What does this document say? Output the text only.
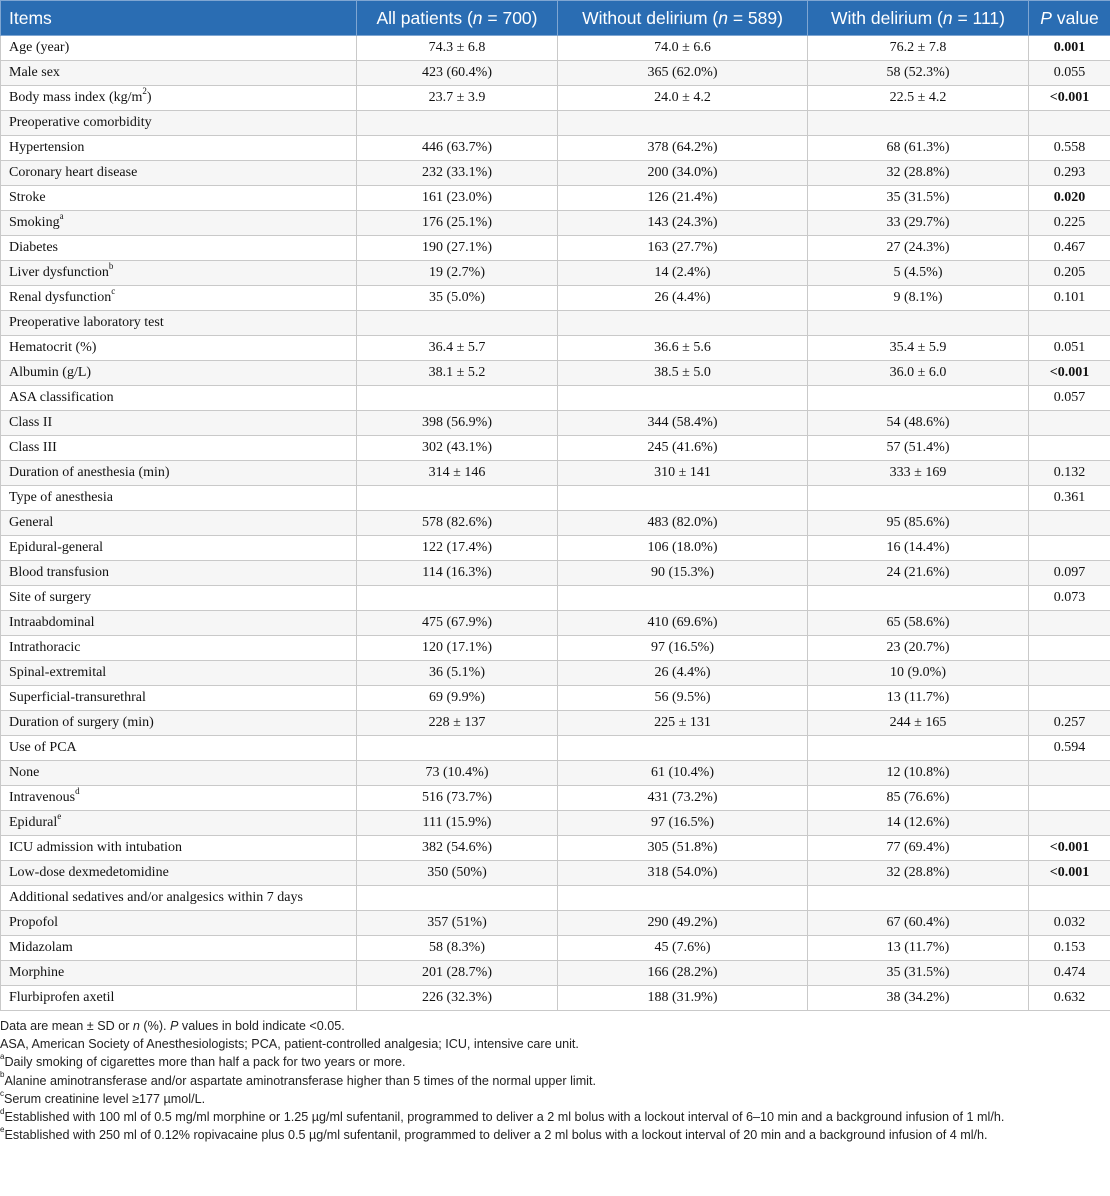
Items	All patients (n = 700)	Without delirium (n = 589)	With delirium (n = 111)	P value
Age (year)	74.3 ± 6.8	74.0 ± 6.6	76.2 ± 7.8	0.001
Male sex	423 (60.4%)	365 (62.0%)	58 (52.3%)	0.055
Body mass index $(kg/m^2)$	23.7 ± 3.9	24.0 ± 4.2	22.5 ± 4.2	<0.001
Preoperative comorbidity				
Hypertension	446 (63.7%)	378 (64.2%)	68 (61.3%)	0.558
Coronary heart disease	232 (33.1%)	200 (34.0%)	32 (28.8%)	0.293
Stroke	161 (23.0%)	126 (21.4%)	35 (31.5%)	0.020
Smoking$^a$	176 (25.1%)	143 (24.3%)	33 (29.7%)	0.225
Diabetes	190 (27.1%)	163 (27.7%)	27 (24.3%)	0.467
Liver dysfunction$^b$	19 (2.7%)	14 (2.4%)	5 (4.5%)	0.205
Renal dysfunction$^c$	35 (5.0%)	26 (4.4%)	9 (8.1%)	0.101
Preoperative laboratory test				
Hematocrit (%)	36.4 ± 5.7	36.6 ± 5.6	35.4 ± 5.9	0.051
Albumin (g/L)	38.1 ± 5.2	38.5 ± 5.0	36.0 ± 6.0	<0.001
ASA classification				0.057
Class II	398 (56.9%)	344 (58.4%)	54 (48.6%)	
Class III	302 (43.1%)	245 (41.6%)	57 (51.4%)	
Duration of anesthesia (min)	314 ± 146	310 ± 141	333 ± 169	0.132
Type of anesthesia				0.361
General	578 (82.6%)	483 (82.0%)	95 (85.6%)	
Epidural-general	122 (17.4%)	106 (18.0%)	16 (14.4%)	
Blood transfusion	114 (16.3%)	90 (15.3%)	24 (21.6%)	0.097
Site of surgery				0.073
Intraabdominal	475 (67.9%)	410 (69.6%)	65 (58.6%)	
Intrathoracic	120 (17.1%)	97 (16.5%)	23 (20.7%)	
Spinal-extremital	36 (5.1%)	26 (4.4%)	10 (9.0%)	
Superficial-transurethral	69 (9.9%)	56 (9.5%)	13 (11.7%)	
Duration of surgery (min)	228 ± 137	225 ± 131	244 ± 165	0.257
Use of PCA				0.594
None	73 (10.4%)	61 (10.4%)	12 (10.8%)	
Intravenous$^d$	516 (73.7%)	431 (73.2%)	85 (76.6%)	
Epidural$^e$	111 (15.9%)	97 (16.5%)	14 (12.6%)	
ICU admission with intubation	382 (54.6%)	305 (51.8%)	77 (69.4%)	<0.001
Low-dose dexmedetomidine	350 (50%)	318 (54.0%)	32 (28.8%)	<0.001
Additional sedatives and/or analgesics within 7 days				
Propofol	357 (51%)	290 (49.2%)	67 (60.4%)	0.032
Midazolam	58 (8.3%)	45 (7.6%)	13 (11.7%)	0.153
Morphine	201 (28.7%)	166 (28.2%)	35 (31.5%)	0.474
Flurbiprofen axetil	226 (32.3%)	188 (31.9%)	38 (34.2%)	0.632

Data are mean ± SD or n (%). P values in bold indicate <0.05.

ASA, American Society of Anesthesiologists; PCA, patient-controlled analgesia; ICU, intensive care unit.

$^a$Daily smoking of cigarettes more than half a pack for two years or more.

$^b$Alanine aminotransferase and/or aspartate aminotransferase higher than 5 times of the normal upper limit.

$^c$Serum creatinine level ≥177 µmol/L.

$^d$Established with 100 ml of 0.5 mg/ml morphine or 1.25 µg/ml sufentanil, programmed to deliver a 2 ml bolus with a lockout interval of 6–10 min and a background infusion of 1 ml/h.

$^e$Established with 250 ml of 0.12% ropivacaine plus 0.5 µg/ml sufentanil, programmed to deliver a 2 ml bolus with a lockout interval of 20 min and a background infusion of 4 ml/h.
